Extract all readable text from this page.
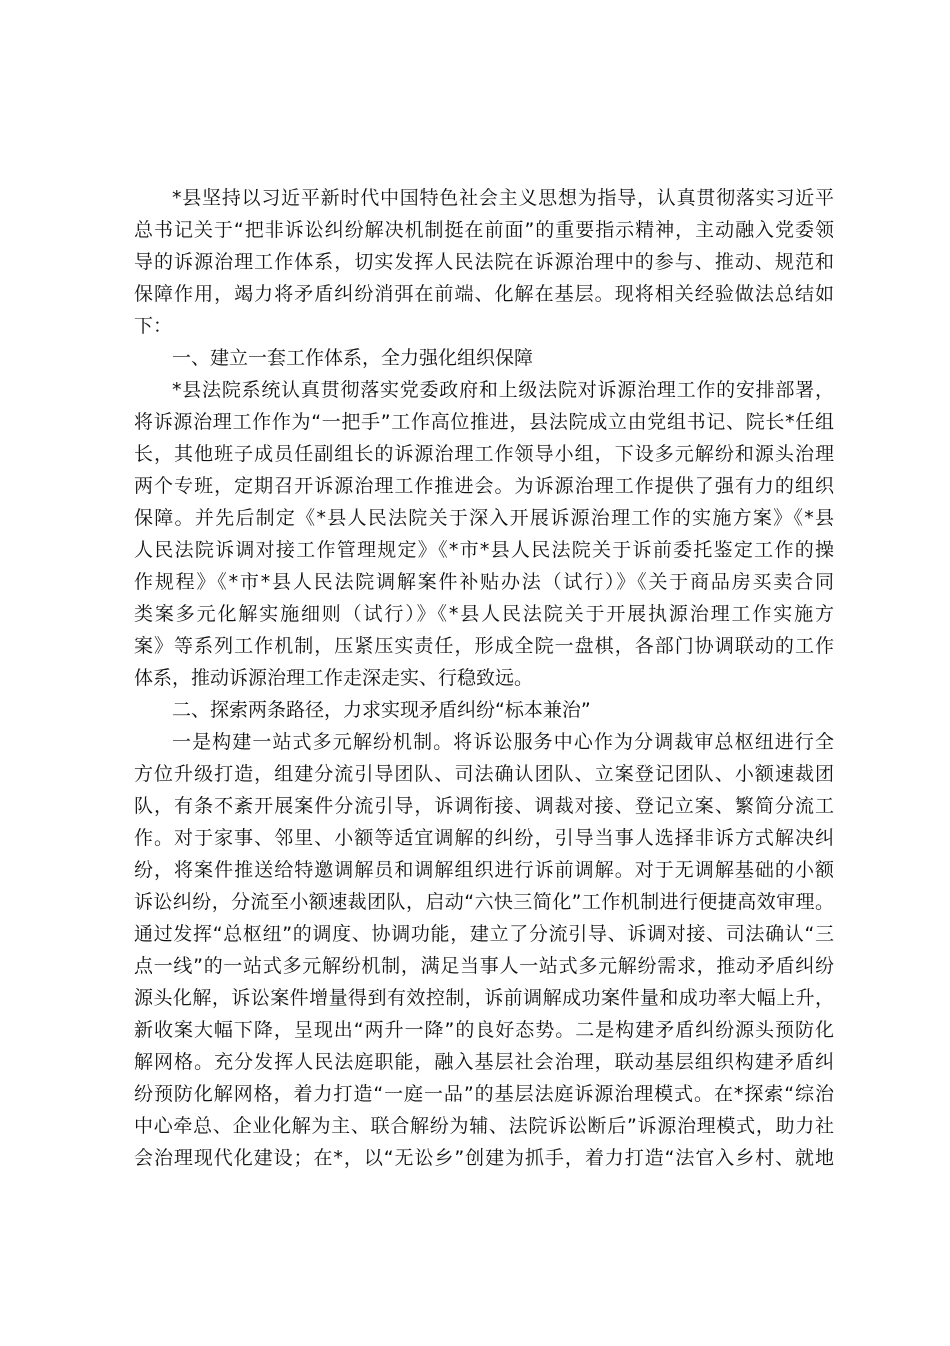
*县坚持以习近平新时代中国特色社会主义思想为指导，认真贯彻落实习近平
总书记关于“把非诉讼纠纷解决机制挺在前面”的重要指示精神，主动融入党委领
导的诉源治理工作体系，切实发挥人民法院在诉源治理中的参与、推动、规范和
保障作用，竭力将矛盾纠纷消弭在前端、化解在基层。现将相关经验做法总结如
下：
一、建立一套工作体系，全力强化组织保障
*县法院系统认真贯彻落实党委政府和上级法院对诉源治理工作的安排部署，
将诉源治理工作作为“一把手”工作高位推进，县法院成立由党组书记、院长*任组
长，其他班子成员任副组长的诉源治理工作领导小组，下设多元解纷和源头治理
两个专班，定期召开诉源治理工作推进会。为诉源治理工作提供了强有力的组织
保障。并先后制定《*县人民法院关于深入开展诉源治理工作的实施方案》《*县
人民法院诉调对接工作管理规定》《*市*县人民法院关于诉前委托鉴定工作的操
作规程》《*市*县人民法院调解案件补贴办法（试行）》《关于商品房买卖合同
类案多元化解实施细则（试行）》《*县人民法院关于开展执源治理工作实施方
案》等系列工作机制，压紧压实责任，形成全院一盘棋，各部门协调联动的工作
体系，推动诉源治理工作走深走实、行稳致远。
二、探索两条路径，力求实现矛盾纠纷“标本兼治”
一是构建一站式多元解纷机制。将诉讼服务中心作为分调裁审总枢纽进行全
方位升级打造，组建分流引导团队、司法确认团队、立案登记团队、小额速裁团
队，有条不紊开展案件分流引导，诉调衔接、调裁对接、登记立案、繁简分流工
作。对于家事、邻里、小额等适宜调解的纠纷，引导当事人选择非诉方式解决纠
纷，将案件推送给特邀调解员和调解组织进行诉前调解。对于无调解基础的小额
诉讼纠纷，分流至小额速裁团队，启动“六快三简化”工作机制进行便捷高效审理。
通过发挥“总枢纽”的调度、协调功能，建立了分流引导、诉调对接、司法确认“三
点一线”的一站式多元解纷机制，满足当事人一站式多元解纷需求，推动矛盾纠纷
源头化解，诉讼案件增量得到有效控制，诉前调解成功案件量和成功率大幅上升，
新收案大幅下降，呈现出“两升一降”的良好态势。二是构建矛盾纠纷源头预防化
解网格。充分发挥人民法庭职能，融入基层社会治理，联动基层组织构建矛盾纠
纷预防化解网格，着力打造“一庭一品”的基层法庭诉源治理模式。在*探索“综治
中心牵总、企业化解为主、联合解纷为辅、法院诉讼断后”诉源治理模式，助力社
会治理现代化建设；在*，以“无讼乡”创建为抓手，着力打造“法官入乡村、就地
